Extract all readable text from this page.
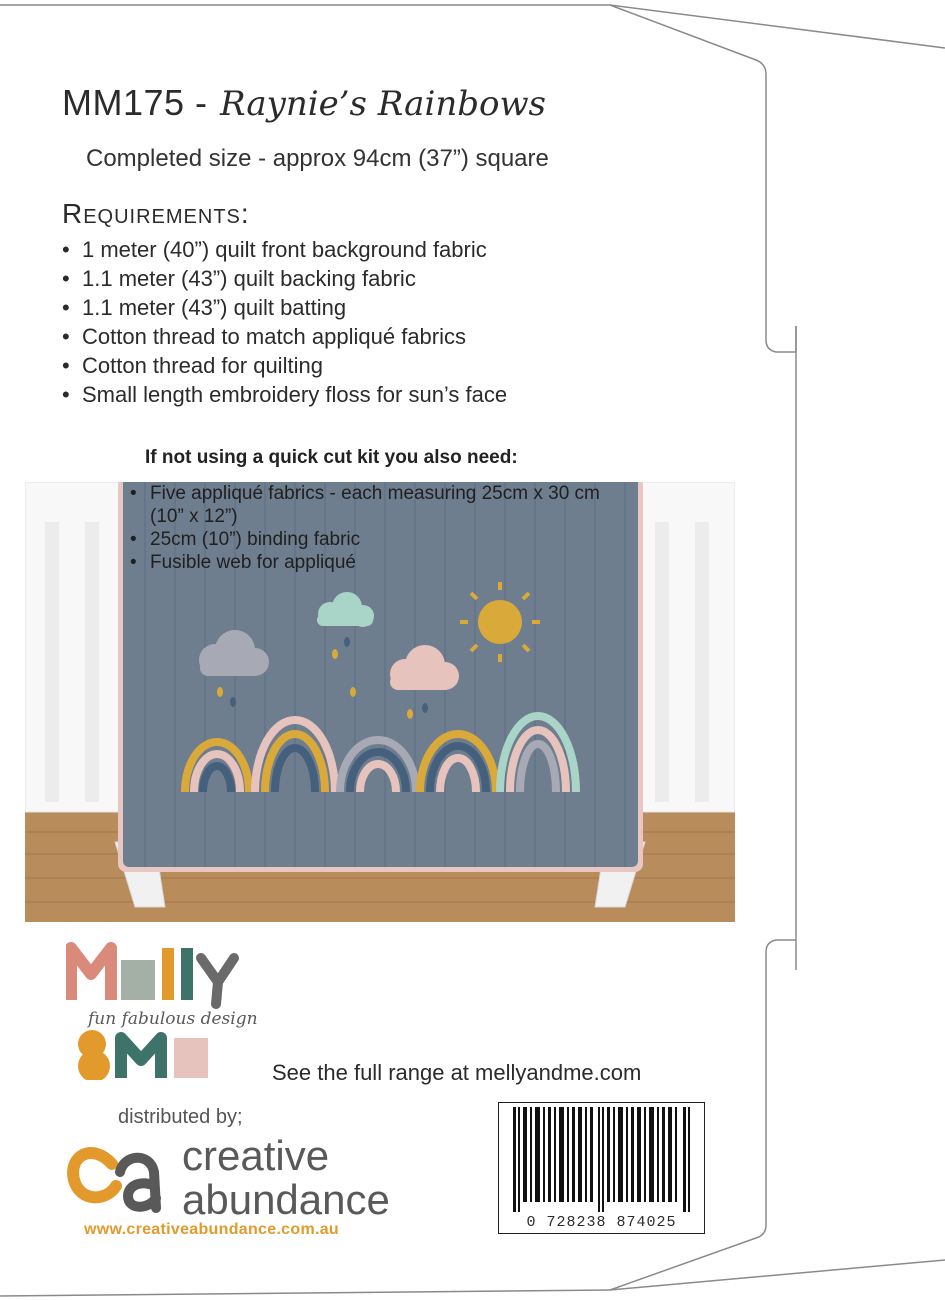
MM175 - Raynie’s Rainbows
Completed size - approx 94cm (37”) square
Requirements:
• 1 meter (40”) quilt front background fabric
• 1.1 meter (43”) quilt backing fabric
• 1.1 meter (43”) quilt batting
• Cotton thread to match appliqué fabrics
• Cotton thread for quilting
• Small length embroidery floss for sun’s face
If not using a quick cut kit you also need:
• Five appliqué fabrics - each measuring 25cm x 30 cm (10” x 12”)
• 25cm (10”) binding fabric
• Fusible web for appliqué
fun fabulous design
See the full range at mellyandme.com
distributed by;
creative
abundance
www.creativeabundance.com.au	0 728238 874025
